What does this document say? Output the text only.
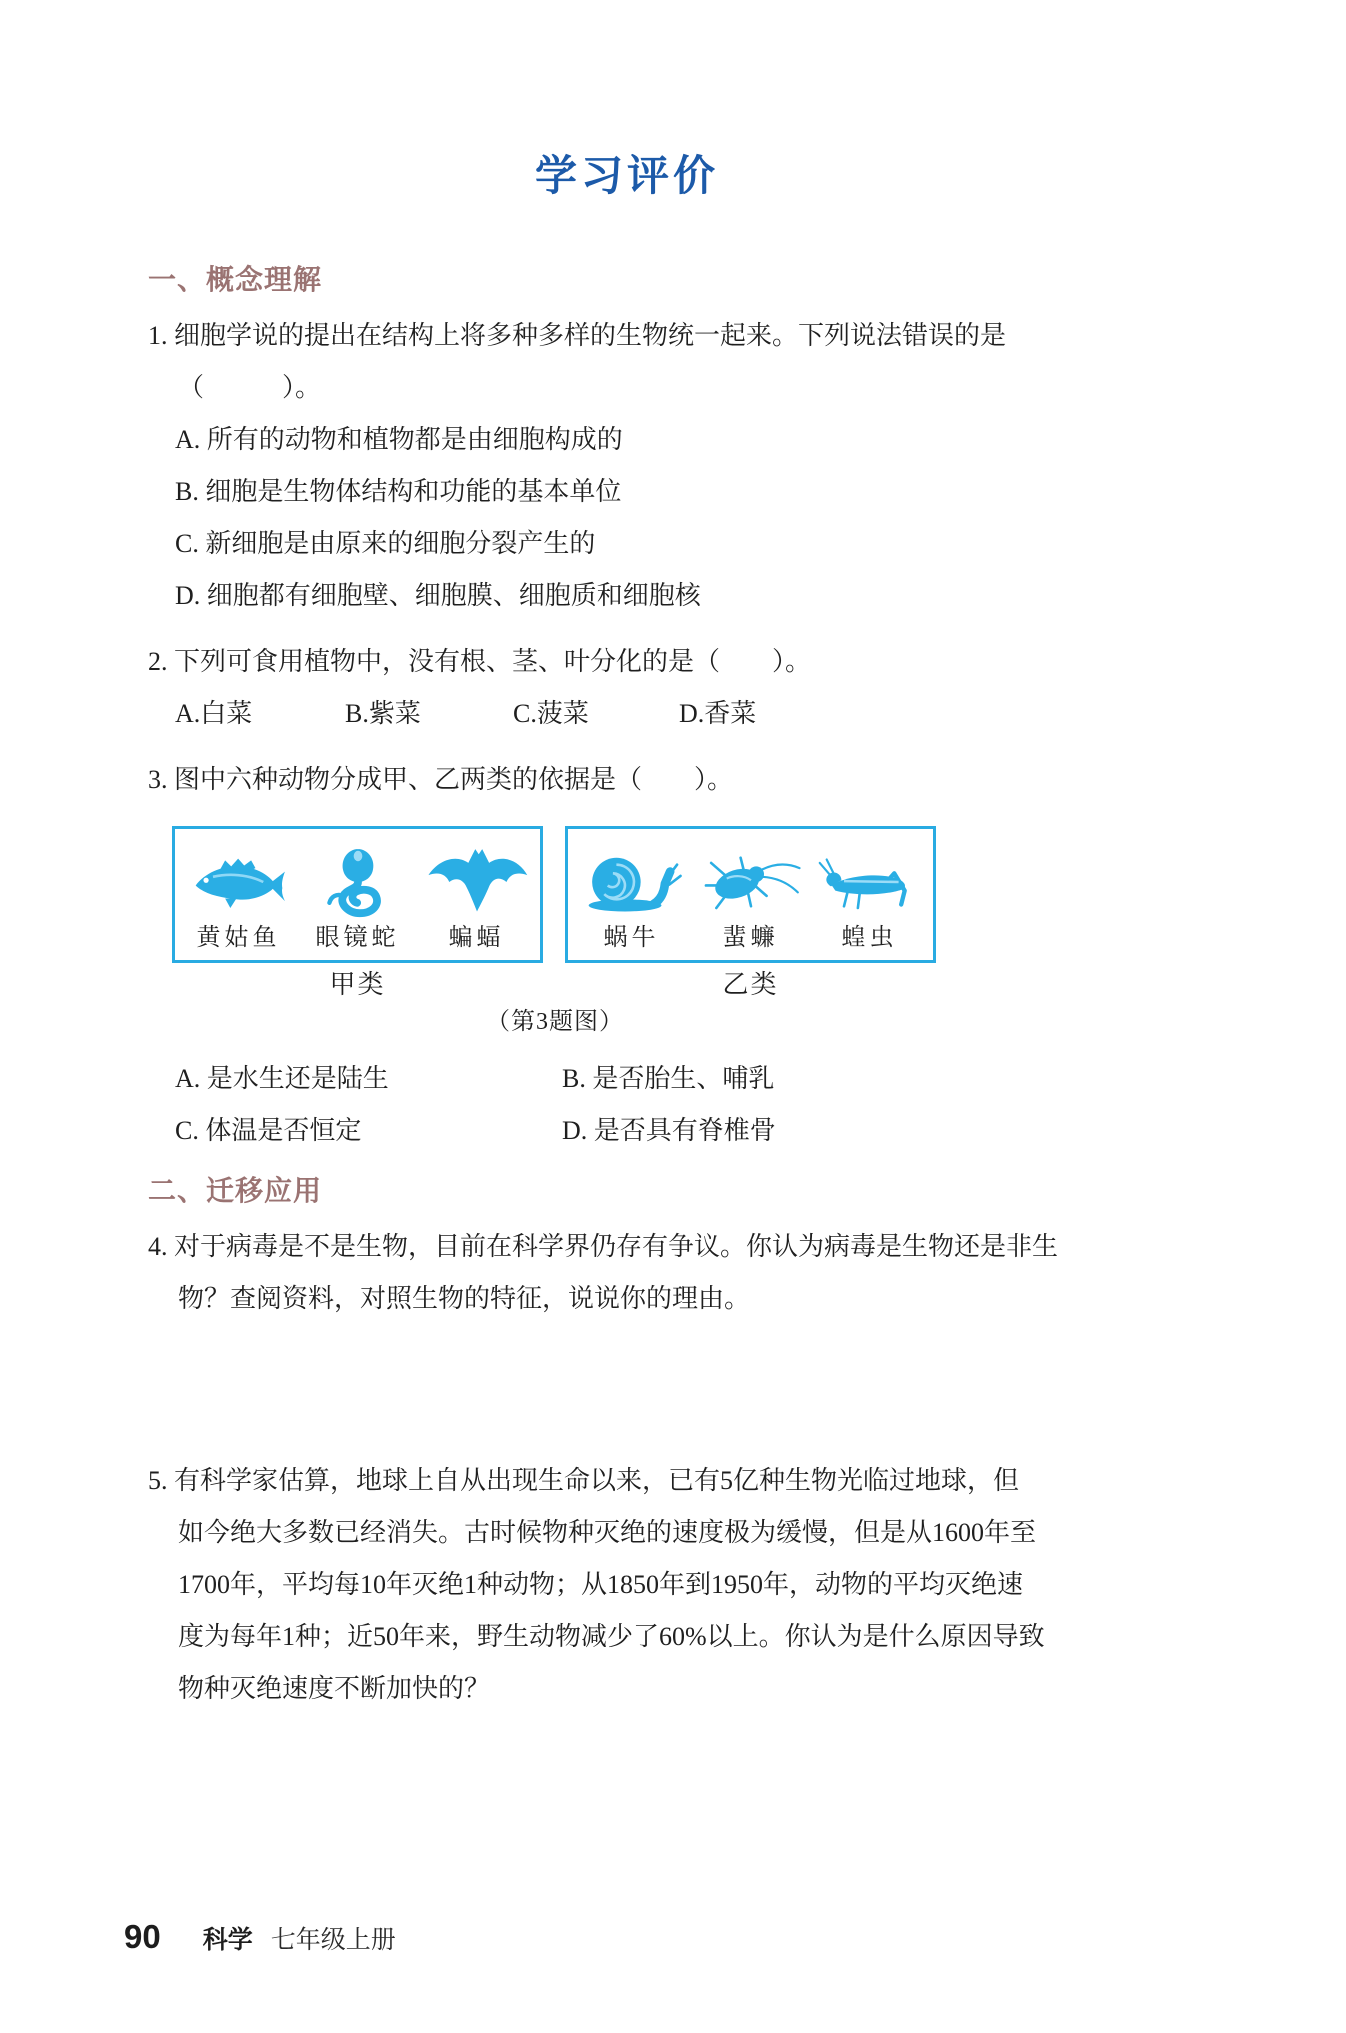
学习评价
一、概念理解
1. 细胞学说的提出在结构上将多种多样的生物统一起来。下列说法错误的是
（　　　）。
A. 所有的动物和植物都是由细胞构成的
B. 细胞是生物体结构和功能的基本单位
C. 新细胞是由原来的细胞分裂产生的
D. 细胞都有细胞壁、细胞膜、细胞质和细胞核
2. 下列可食用植物中，没有根、茎、叶分化的是（　　）。
A.白菜	B.紫菜	C.菠菜	D.香菜
3. 图中六种动物分成甲、乙两类的依据是（　　）。
黄姑鱼 眼镜蛇 蝙蝠	蜗牛	蜚蠊	蝗虫
甲类	乙类
（第3题图）
A. 是水生还是陆生
C. 体温是否恒定
B. 是否胎生、哺乳
D. 是否具有脊椎骨
二、迁移应用
4. 对于病毒是不是生物，目前在科学界仍存有争议。你认为病毒是生物还是非生
物？查阅资料，对照生物的特征，说说你的理由。
5. 有科学家估算，地球上自从出现生命以来，已有5亿种生物光临过地球，但
如今绝大多数已经消失。古时候物种灭绝的速度极为缓慢，但是从1600年至
1700年，平均每10年灭绝1种动物；从1850年到1950年，动物的平均灭绝速
度为每年1种；近50年来，野生动物减少了60%以上。你认为是什么原因导致
物种灭绝速度不断加快的？
90 科学 七年级上册
